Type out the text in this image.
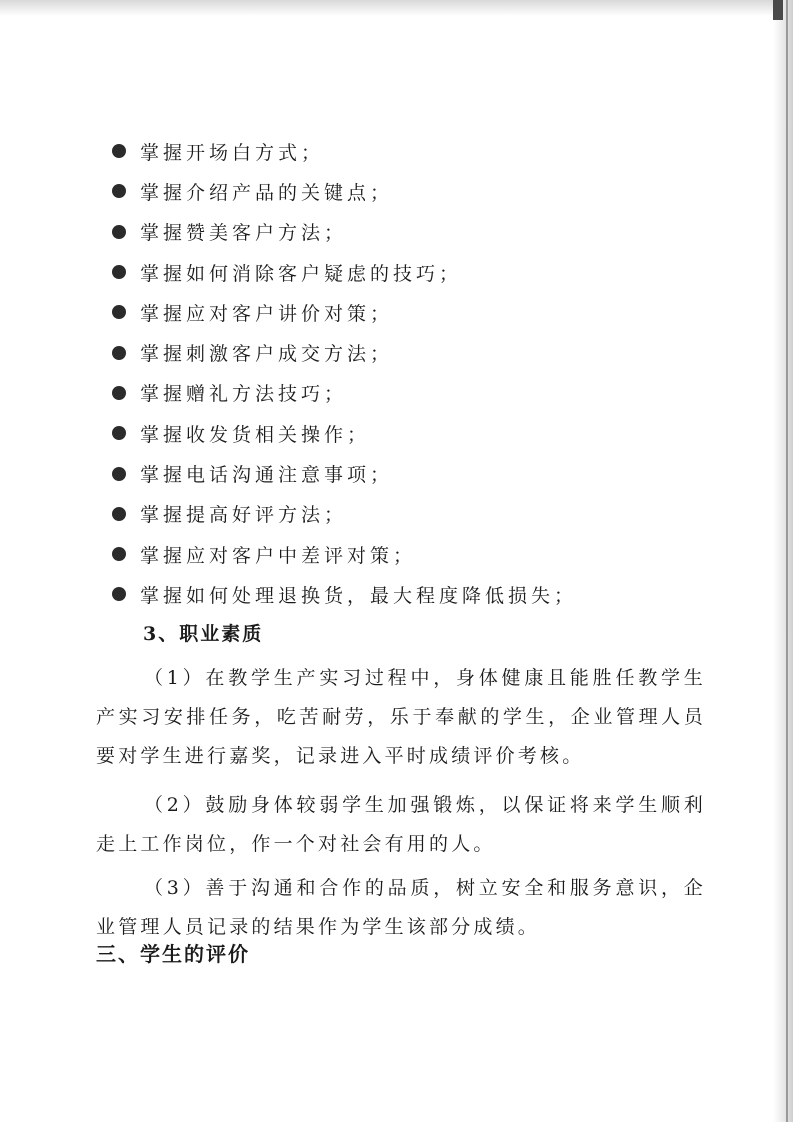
掌握开场白方式；
掌握介绍产品的关键点；
掌握赞美客户方法；
掌握如何消除客户疑虑的技巧；
掌握应对客户讲价对策；
掌握刺激客户成交方法；
掌握赠礼方法技巧；
掌握收发货相关操作；
掌握电话沟通注意事项；
掌握提高好评方法；
掌握应对客户中差评对策；
掌握如何处理退换货，最大程度降低损失；
3、职业素质

（1）在教学生产实习过程中，身体健康且能胜任教学生产实习安排任务，吃苦耐劳，乐于奉献的学生，企业管理人员要对学生进行嘉奖，记录进入平时成绩评价考核。

（2）鼓励身体较弱学生加强锻炼，以保证将来学生顺利走上工作岗位，作一个对社会有用的人。

（3）善于沟通和合作的品质，树立安全和服务意识，企业管理人员记录的结果作为学生该部分成绩。

三、学生的评价
